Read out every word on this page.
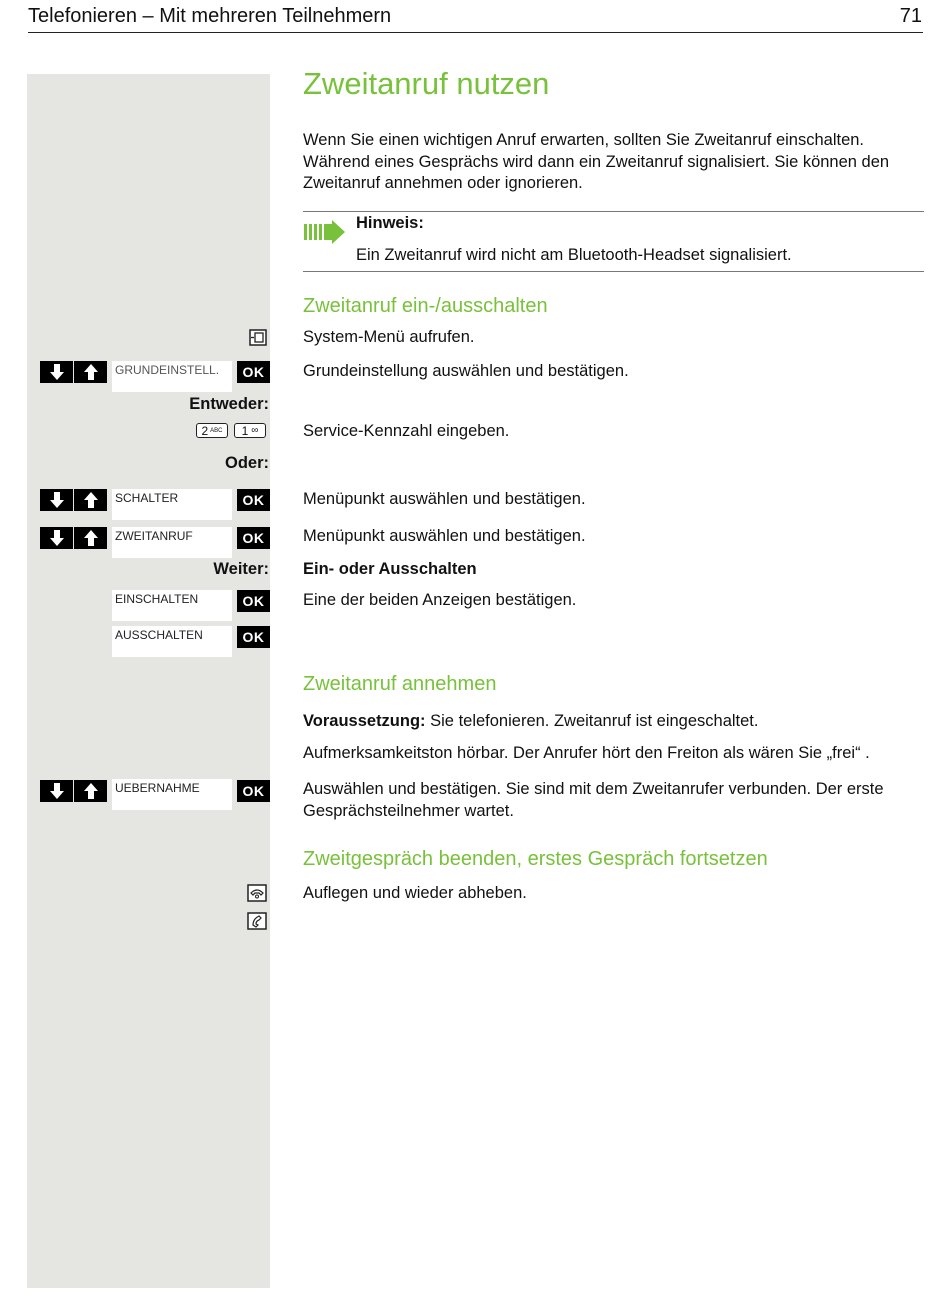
Telefonieren – Mit mehreren Teilnehmern	71
Zweitanruf nutzen
Wenn Sie einen wichtigen Anruf erwarten, sollten Sie Zweitanruf einschalten. Während eines Gesprächs wird dann ein Zweitanruf signalisiert. Sie können den Zweitanruf annehmen oder ignorieren.
Hinweis:
Ein Zweitanruf wird nicht am Bluetooth-Headset signalisiert.
Zweitanruf ein-/ausschalten
System-Menü aufrufen.
GRUNDEINSTELL.	OK	Grundeinstellung auswählen und bestätigen.
Entweder:
2 ABC 1 ∞	Service-Kennzahl eingeben.
Oder:
SCHALTER	OK	Menüpunkt auswählen und bestätigen.
ZWEITANRUF	OK	Menüpunkt auswählen und bestätigen.
Weiter: Ein- oder Ausschalten
EINSCHALTEN	OK	Eine der beiden Anzeigen bestätigen.
AUSSCHALTEN	OK
Zweitanruf annehmen
Voraussetzung: Sie telefonieren. Zweitanruf ist eingeschaltet.
Aufmerksamkeitston hörbar. Der Anrufer hört den Freiton als wären Sie „frei“ .
UEBERNAHME	OK	Auswählen und bestätigen. Sie sind mit dem Zweitanrufer verbunden. Der erste Gesprächsteilnehmer wartet.
Zweitgespräch beenden, erstes Gespräch fortsetzen
Auflegen und wieder abheben.
